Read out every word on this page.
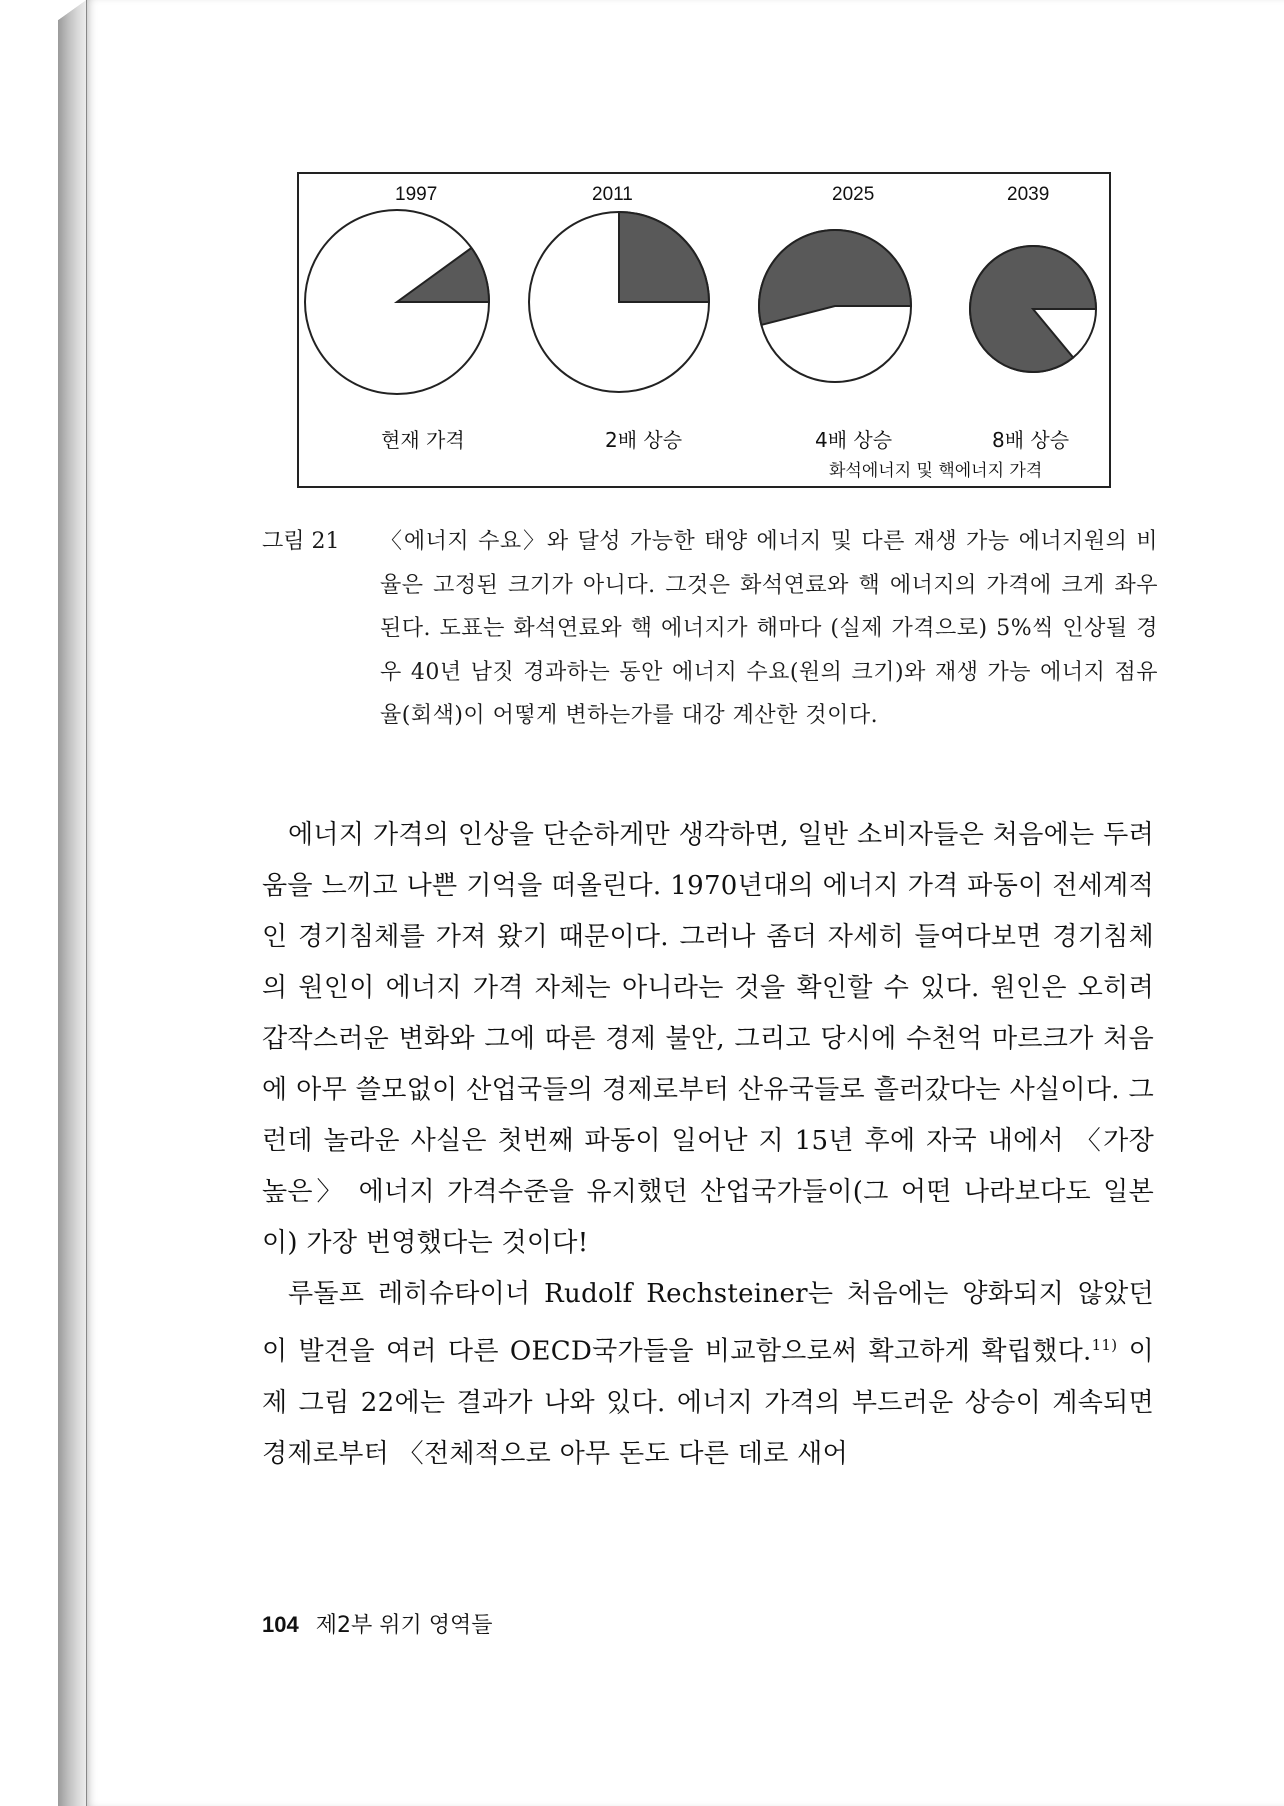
1997	2011	2025	2039
현재 가격	2배 상승	4배 상승	8배 상승
화석에너지 및 핵에너지 가격
그림 21 〈에너지 수요〉와 달성 가능한 태양 에너지 및 다른 재생 가능 에너지원의 비율은 고정된 크기가 아니다. 그것은 화석연료와 핵 에너지의 가격에 크게 좌우된다. 도표는 화석연료와 핵 에너지가 해마다 (실제 가격으로) 5%씩 인상될 경우 40년 남짓 경과하는 동안 에너지 수요(원의 크기)와 재생 가능 에너지 점유율(회색)이 어떻게 변하는가를 대강 계산한 것이다.

에너지 가격의 인상을 단순하게만 생각하면, 일반 소비자들은 처음에는 두려움을 느끼고 나쁜 기억을 떠올린다. 1970년대의 에너지 가격 파동이 전세계적인 경기침체를 가져 왔기 때문이다. 그러나 좀더 자세히 들여다보면 경기침체의 원인이 에너지 가격 자체는 아니라는 것을 확인할 수 있다. 원인은 오히려 갑작스러운 변화와 그에 따른 경제 불안, 그리고 당시에 수천억 마르크가 처음에 아무 쓸모없이 산업국들의 경제로부터 산유국들로 흘러갔다는 사실이다. 그런데 놀라운 사실은 첫번째 파동이 일어난 지 15년 후에 자국 내에서 〈가장 높은〉 에너지 가격수준을 유지했던 산업국가들이(그 어떤 나라보다도 일본이) 가장 번영했다는 것이다!

루돌프 레히슈타이너 Rudolf Rechsteiner는 처음에는 양화되지 않았던 이 발견을 여러 다른 OECD국가들을 비교함으로써 확고하게 확립했다.$^{11)}$ 이제 그림 22에는 결과가 나와 있다. 에너지 가격의 부드러운 상승이 계속되면 경제로부터 〈전체적으로 아무 돈도 다른 데로 새어

104 제2부 위기 영역들
